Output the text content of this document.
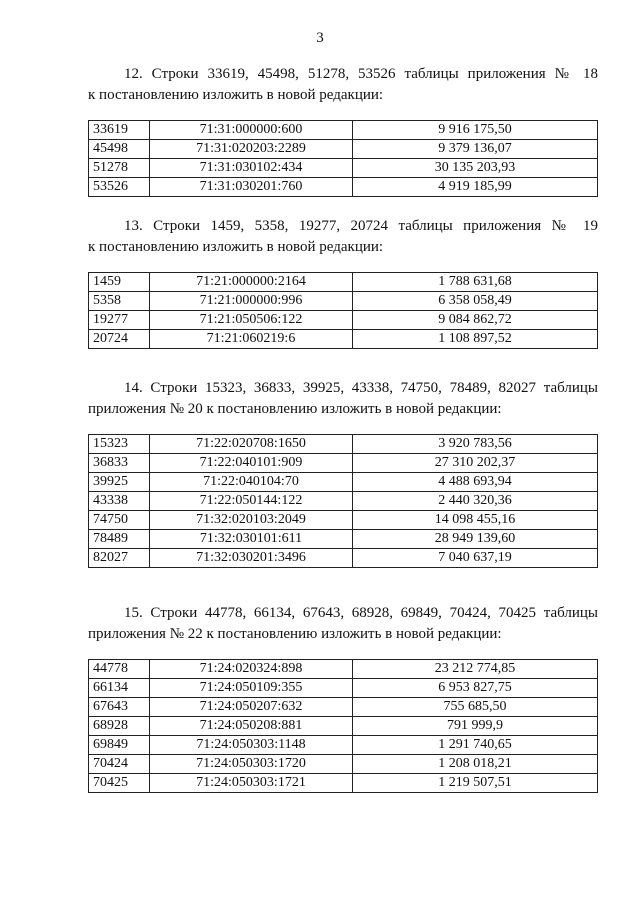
3

12. Строки 33619, 45498, 51278, 53526 таблицы приложения № 18
к постановлению изложить в новой редакции:

33619	71:31:000000:600	9 916 175,50
45498	71:31:020203:2289	9 379 136,07
51278	71:31:030102:434	30 135 203,93
53526	71:31:030201:760	4 919 185,99

13. Строки 1459, 5358, 19277, 20724 таблицы приложения № 19
к постановлению изложить в новой редакции:

1459	71:21:000000:2164	1 788 631,68
5358	71:21:000000:996	6 358 058,49
19277	71:21:050506:122	9 084 862,72
20724	71:21:060219:6	1 108 897,52

14. Строки 15323, 36833, 39925, 43338, 74750, 78489, 82027 таблицы
приложения № 20 к постановлению изложить в новой редакции:

15323	71:22:020708:1650	3 920 783,56
36833	71:22:040101:909	27 310 202,37
39925	71:22:040104:70	4 488 693,94
43338	71:22:050144:122	2 440 320,36
74750	71:32:020103:2049	14 098 455,16
78489	71:32:030101:611	28 949 139,60
82027	71:32:030201:3496	7 040 637,19

15. Строки 44778, 66134, 67643, 68928, 69849, 70424, 70425 таблицы
приложения № 22 к постановлению изложить в новой редакции:

44778	71:24:020324:898	23 212 774,85
66134	71:24:050109:355	6 953 827,75
67643	71:24:050207:632	755 685,50
68928	71:24:050208:881	791 999,9
69849	71:24:050303:1148	1 291 740,65
70424	71:24:050303:1720	1 208 018,21
70425	71:24:050303:1721	1 219 507,51
